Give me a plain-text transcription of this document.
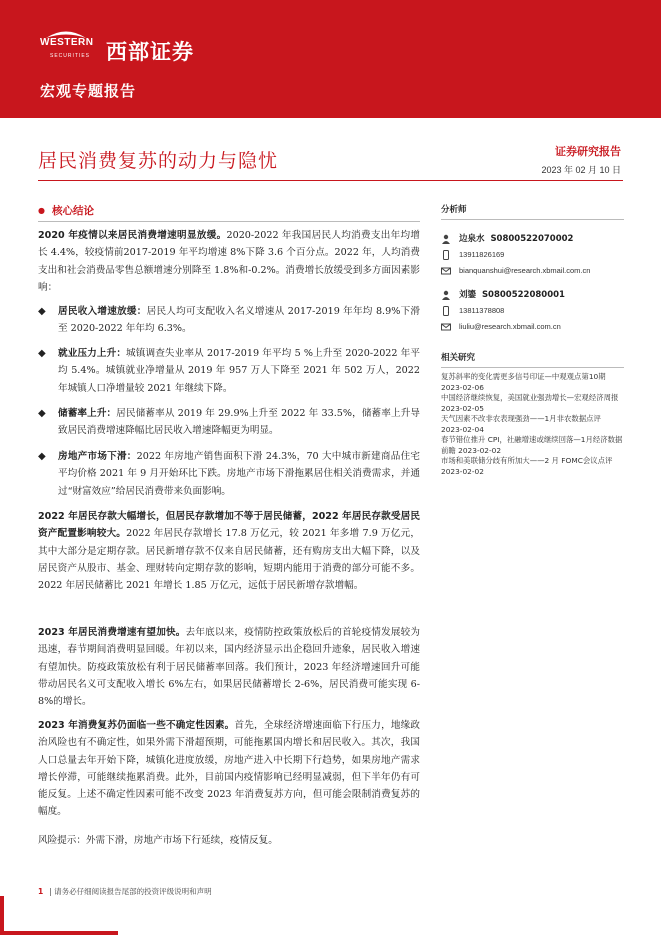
WESTERN
SECURITIES 西部证券
宏观专题报告
居民消费复苏的动力与隐忧	证券研究报告
2023 年 02 月 10 日
● 核心结论
2020 年疫情以来居民消费增速明显放缓。2020-2022 年我国居民人均消费支出年均增长 4.4%，较疫情前2017-2019 年平均增速 8%下降 3.6 个百分点。2022 年，人均消费支出和社会消费品零售总额增速分别降至 1.8%和-0.2%。消费增长放缓受到多方面因素影响：
◆ 居民收入增速放缓：居民人均可支配收入名义增速从 2017-2019 年年均 8.9%下滑至 2020-2022 年年均 6.3%。
◆ 就业压力上升：城镇调查失业率从 2017-2019 年平均 5 %上升至 2020-2022 年平均 5.4%。城镇就业净增量从 2019 年 957 万人下降至 2021 年 502 万人，2022 年城镇人口净增量较 2021 年继续下降。
◆ 储蓄率上升：居民储蓄率从 2019 年 29.9%上升至 2022 年 33.5%，储蓄率上升导致居民消费增速降幅比居民收入增速降幅更为明显。
◆ 房地产市场下滑：2022 年房地产销售面积下滑 24.3%，70 大中城市新建商品住宅平均价格 2021 年 9 月开始环比下跌。房地产市场下滑拖累居住相关消费需求，并通过“财富效应”给居民消费带来负面影响。
2022 年居民存款大幅增长，但居民存款增加不等于居民储蓄，2022 年居民存款受居民资产配置影响较大。2022 年居民存款增长 17.8 万亿元，较 2021 年多增 7.9 万亿元，其中大部分是定期存款。居民新增存款不仅来自居民储蓄，还有购房支出大幅下降，以及居民资产从股市、基金、理财转向定期存款的影响，短期内能用于消费的部分可能不多。2022 年居民储蓄比 2021 年增长 1.85 万亿元，远低于居民新增存款增幅。
2023 年居民消费增速有望加快。去年底以来，疫情防控政策放松后的首轮疫情发展较为迅速，春节期间消费明显回暖。年初以来，国内经济显示出企稳回升迹象，居民收入增速有望加快。防疫政策放松有利于居民储蓄率回落。我们预计，2023 年经济增速回升可能带动居民名义可支配收入增长 6%左右，如果居民储蓄增长 2-6%，居民消费可能实现 6-8%的增长。
2023 年消费复苏仍面临一些不确定性因素。首先，全球经济增速面临下行压力，地缘政治风险也有不确定性，如果外需下滑超预期，可能拖累国内增长和居民收入。其次，我国人口总量去年开始下降，城镇化进度放缓，房地产进入中长期下行趋势，如果房地产需求增长停滞，可能继续拖累消费。此外，目前国内疫情影响已经明显减弱，但下半年仍有可能反复。上述不确定性因素可能不改变 2023 年消费复苏方向，但可能会限制消费复苏的幅度。
风险提示：外需下滑，房地产市场下行延续，疫情反复。
分析师
边泉水 S0800522070002
13911826169
bianquanshui@research.xbmail.com.cn
刘鎏 S0800522080001
13811378808
liuliu@research.xbmail.com.cn
相关研究
复苏斜率的变化需更多信号印证—中观观点第10期 2023-02-06
中国经济继续恢复，美国就业强劲增长—宏观经济周报 2023-02-05
天气因素不改非农表现强劲——1月非农数据点评 2023-02-04
春节错位推升 CPI，社融增速或继续回落—1月经济数据前瞻 2023-02-02
市场和美联储分歧有所加大——2 月 FOMC会议点评 2023-02-02
1 | 请务必仔细阅读报告尾部的投资评级说明和声明
